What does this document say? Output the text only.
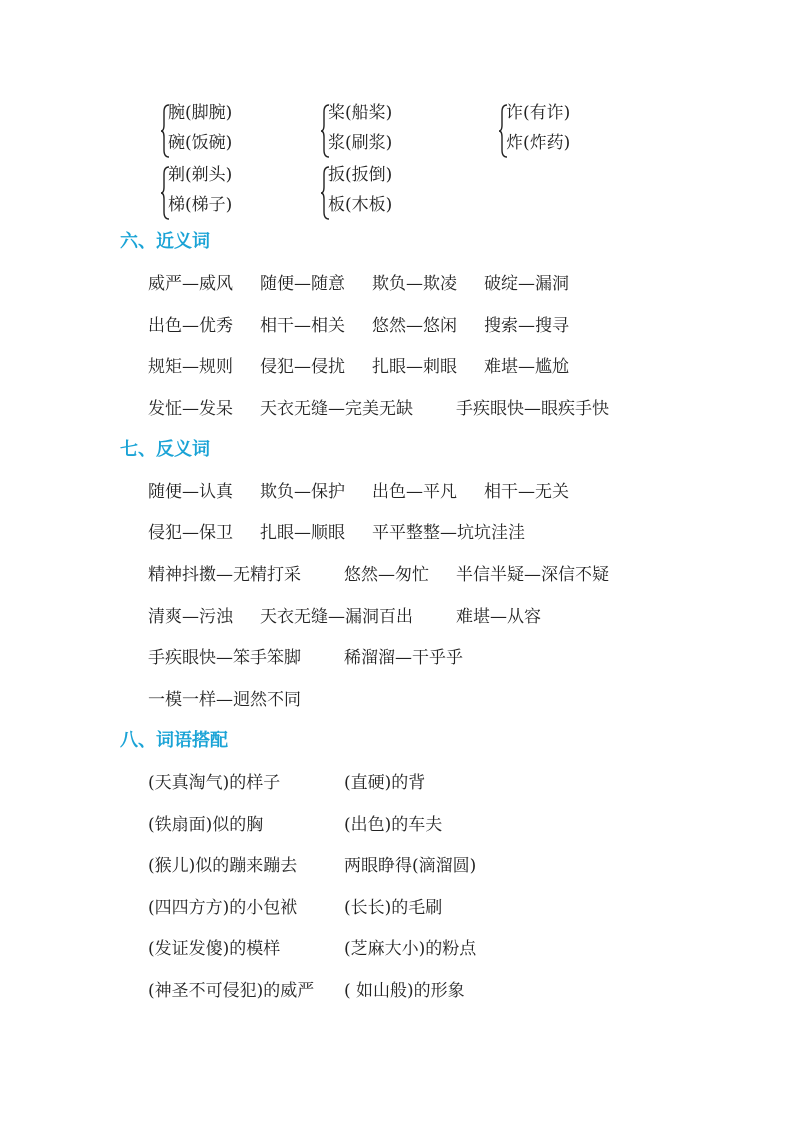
腕(脚腕)
碗(饭碗)
桨(船桨)
浆(刷浆)
诈(有诈)
炸(炸药)
剃(剃头)
梯(梯子)
扳(扳倒)
板(木板)
六、近义词
威严—威风 随便—随意 欺负—欺凌 破绽—漏洞
出色—优秀 相干—相关 悠然—悠闲 搜索—搜寻
规矩—规则 侵犯—侵扰 扎眼—刺眼 难堪—尴尬
发怔—发呆 天衣无缝—完美无缺	手疾眼快—眼疾手快
七、反义词
随便—认真 欺负—保护 出色—平凡 相干—无关
侵犯—保卫 扎眼—顺眼 平平整整—坑坑洼洼
精神抖擞—无精打采	悠然—匆忙 半信半疑—深信不疑
清爽—污浊 天衣无缝—漏洞百出	难堪—从容
手疾眼快—笨手笨脚	稀溜溜—干乎乎
一模一样—迥然不同
八、词语搭配
(天真淘气)的样子	(直硬)的背
(铁扇面)似的胸	(出色)的车夫
(猴儿)似的蹦来蹦去	两眼睁得(滴溜圆)
(四四方方)的小包袱	(长长)的毛刷
(发证发傻)的模样	(芝麻大小)的粉点
(神圣不可侵犯)的威严 ( 如山般)的形象
